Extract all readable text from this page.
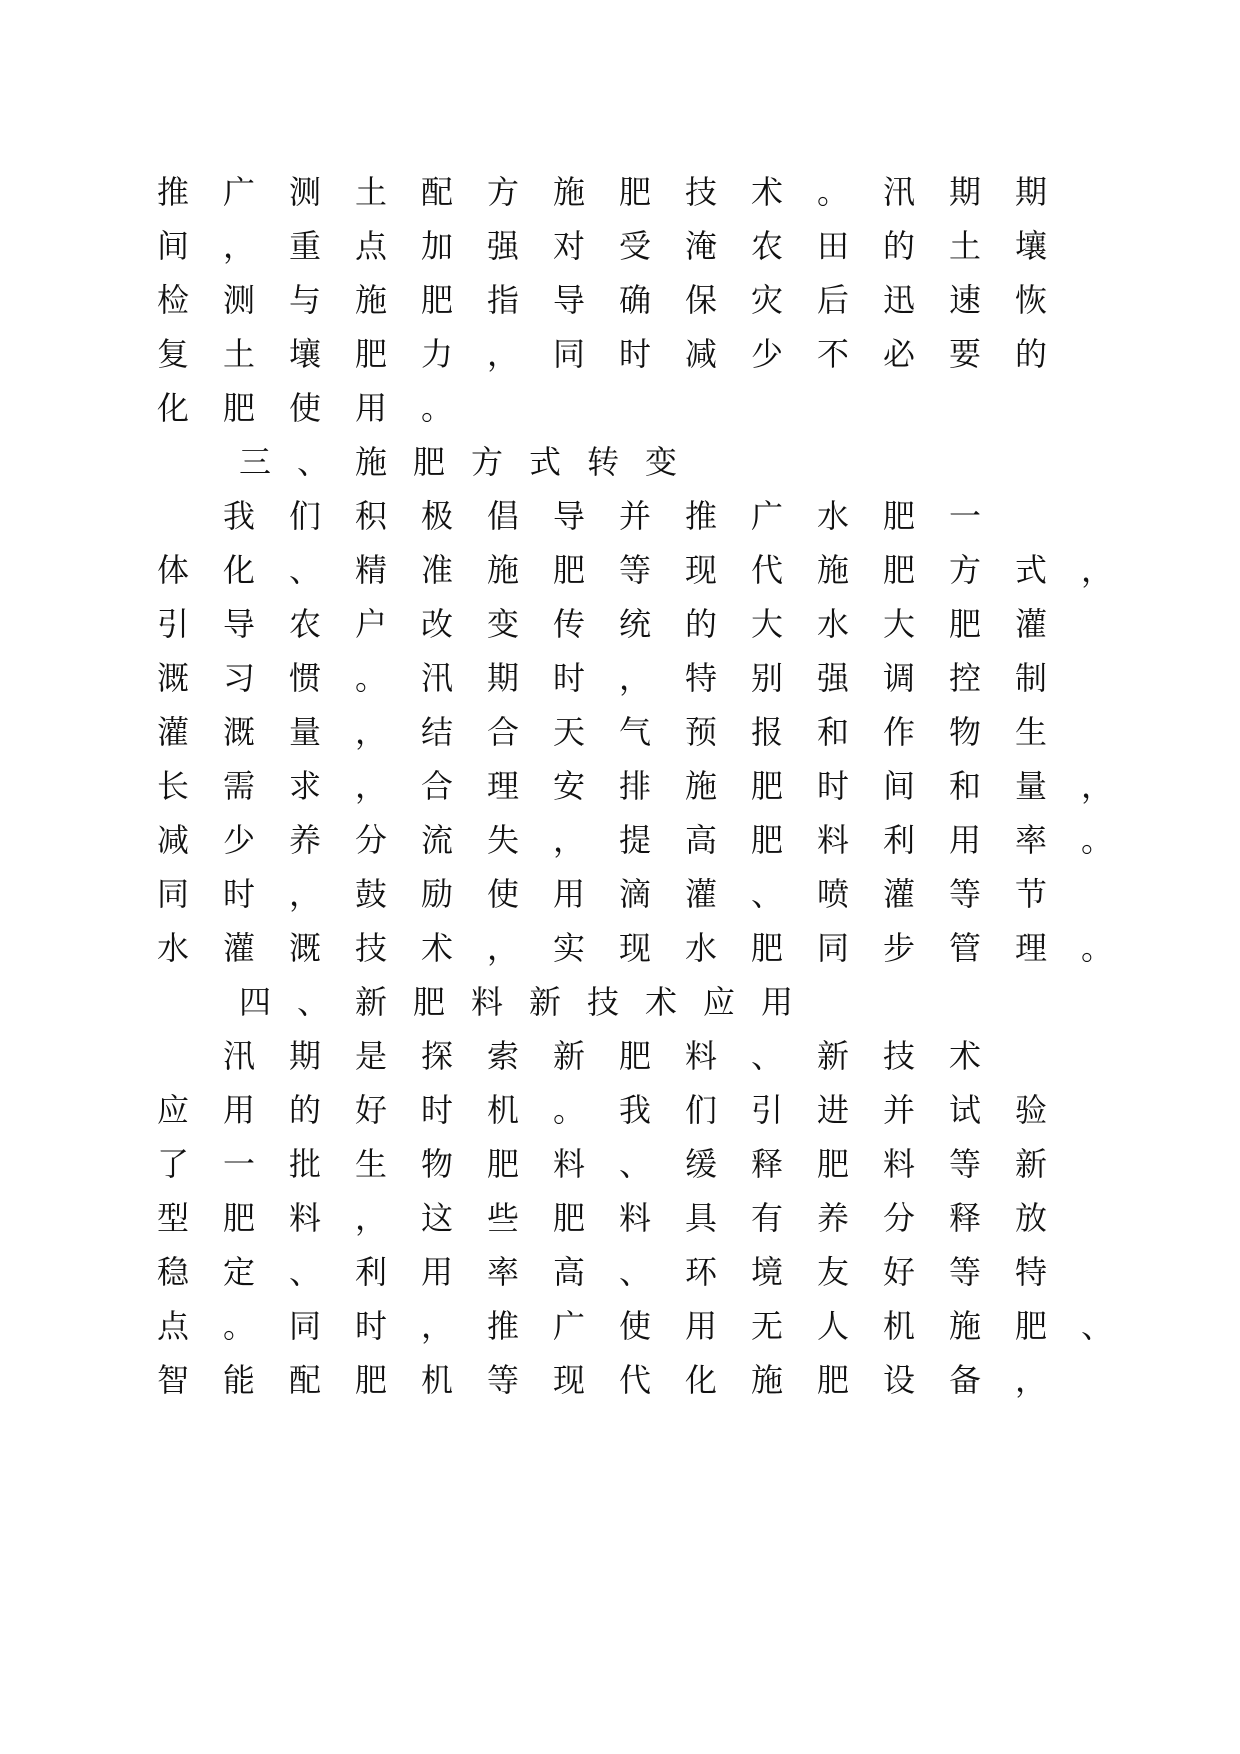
推 广 测 土 配 方 施 肥 技 术 。 汛 期 期
间 ， 重 点 加 强 对 受 淹 农 田 的 土 壤
检 测 与 施 肥 指 导 确 保 灾 后 迅 速 恢
复 土 壤 肥 力 ， 同 时 减 少 不 必 要 的
化 肥 使 用 。
三 、 施 肥 方 式 转 变
我 们 积 极 倡 导 并 推 广 水 肥 一
体 化 、 精 准 施 肥 等 现 代 施 肥 方 式 ，
引 导 农 户 改 变 传 统 的 大 水 大 肥 灌
溉 习 惯 。 汛 期 时 ， 特 别 强 调 控 制
灌 溉 量 ， 结 合 天 气 预 报 和 作 物 生
长 需 求 ， 合 理 安 排 施 肥 时 间 和 量 ，
减 少 养 分 流 失 ， 提 高 肥 料 利 用 率 。
同 时 ， 鼓 励 使 用 滴 灌 、 喷 灌 等 节
水 灌 溉 技 术 ， 实 现 水 肥 同 步 管 理 。
四 、 新 肥 料 新 技 术 应 用
汛 期 是 探 索 新 肥 料 、 新 技 术
应 用 的 好 时 机 。 我 们 引 进 并 试 验
了 一 批 生 物 肥 料 、 缓 释 肥 料 等 新
型 肥 料 ， 这 些 肥 料 具 有 养 分 释 放
稳 定 、 利 用 率 高 、 环 境 友 好 等 特
点 。 同 时 ， 推 广 使 用 无 人 机 施 肥 、
智 能 配 肥 机 等 现 代 化 施 肥 设 备 ，
